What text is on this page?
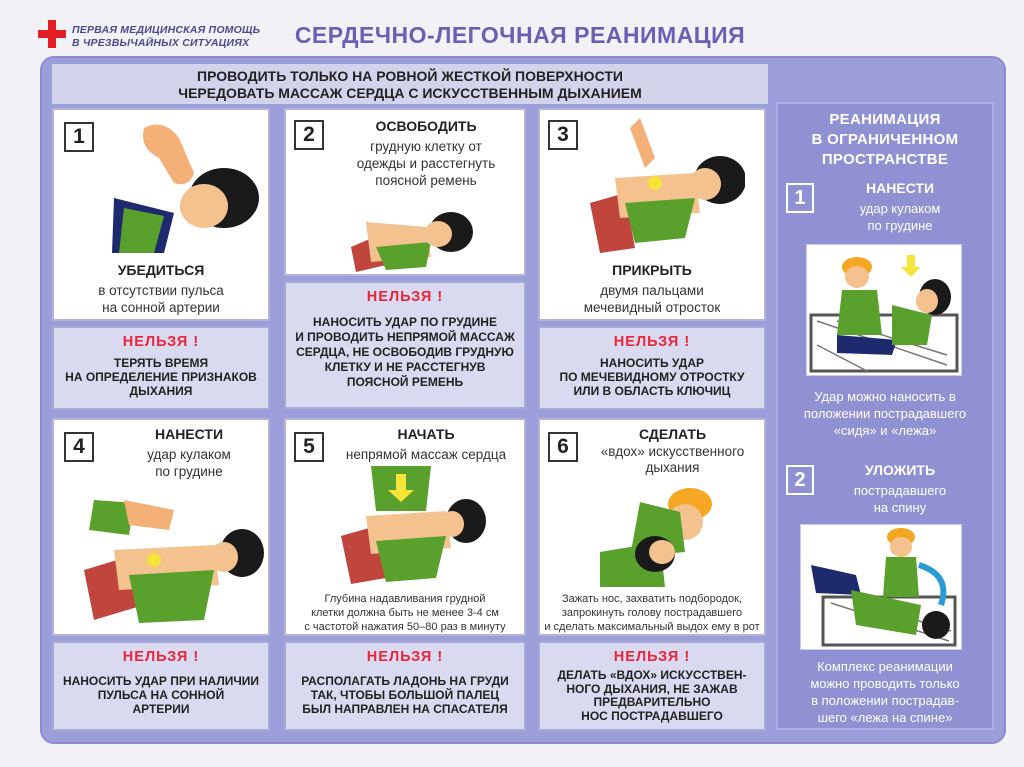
ПЕРВАЯ МЕДИЦИНСКАЯ ПОМОЩЬ
В ЧРЕЗВЫЧАЙНЫХ СИТУАЦИЯХ	СЕРДЕЧНО-ЛЕГОЧНАЯ РЕАНИМАЦИЯ
ПРОВОДИТЬ ТОЛЬКО НА РОВНОЙ ЖЕСТКОЙ ПОВЕРХНОСТИ
ЧЕРЕДОВАТЬ МАССАЖ СЕРДЦА С ИСКУССТВЕННЫМ ДЫХАНИЕМ
1
УБЕДИТЬСЯ
в отсутствии пульса
на сонной артерии
НЕЛЬЗЯ !
ТЕРЯТЬ ВРЕМЯ
НА ОПРЕДЕЛЕНИЕ ПРИЗНАКОВ
ДЫХАНИЯ
2	ОСВОБОДИТЬ
грудную клетку от
одежды и расстегнуть
поясной ремень
НЕЛЬЗЯ !
НАНОСИТЬ УДАР ПО ГРУДИНЕ
И ПРОВОДИТЬ НЕПРЯМОЙ МАССАЖ
СЕРДЦА, НЕ ОСВОБОДИВ ГРУДНУЮ
КЛЕТКУ И НЕ РАССТЕГНУВ
ПОЯСНОЙ РЕМЕНЬ
3
ПРИКРЫТЬ
двумя пальцами
мечевидный отросток
НЕЛЬЗЯ !
НАНОСИТЬ УДАР
ПО МЕЧЕВИДНОМУ ОТРОСТКУ
ИЛИ В ОБЛАСТЬ КЛЮЧИЦ
4
НАНЕСТИ
удар кулаком
по грудине
НЕЛЬЗЯ !
НАНОСИТЬ УДАР ПРИ НАЛИЧИИ
ПУЛЬСА НА СОННОЙ
АРТЕРИИ
5
НАЧАТЬ
непрямой массаж сердца
Глубина надавливания грудной
клетки должна быть не менее 3-4 см
с частотой нажатия 50–80 раз в минуту
НЕЛЬЗЯ !
РАСПОЛАГАТЬ ЛАДОНЬ НА ГРУДИ
ТАК, ЧТОБЫ БОЛЬШОЙ ПАЛЕЦ
БЫЛ НАПРАВЛЕН НА СПАСАТЕЛЯ
6
СДЕЛАТЬ
«вдох» искусственного
дыхания
Зажать нос, захватить подбородок,
запрокинуть голову пострадавшего
и сделать максимальный выдох ему в рот
НЕЛЬЗЯ !
ДЕЛАТЬ «ВДОХ» ИСКУССТВЕН-
НОГО ДЫХАНИЯ, НЕ ЗАЖАВ
ПРЕДВАРИТЕЛЬНО
НОС ПОСТРАДАВШЕГО
РЕАНИМАЦИЯ
В ОГРАНИЧЕННОМ
ПРОСТРАНСТВЕ
1	НАНЕСТИ
удар кулаком
по грудине
Удар можно наносить в
положении пострадавшего
«сидя» и «лежа»
2	УЛОЖИТЬ
пострадавшего
на спину
Комплекс реанимации
можно проводить только
в положении пострадав-
шего «лежа на спине»
